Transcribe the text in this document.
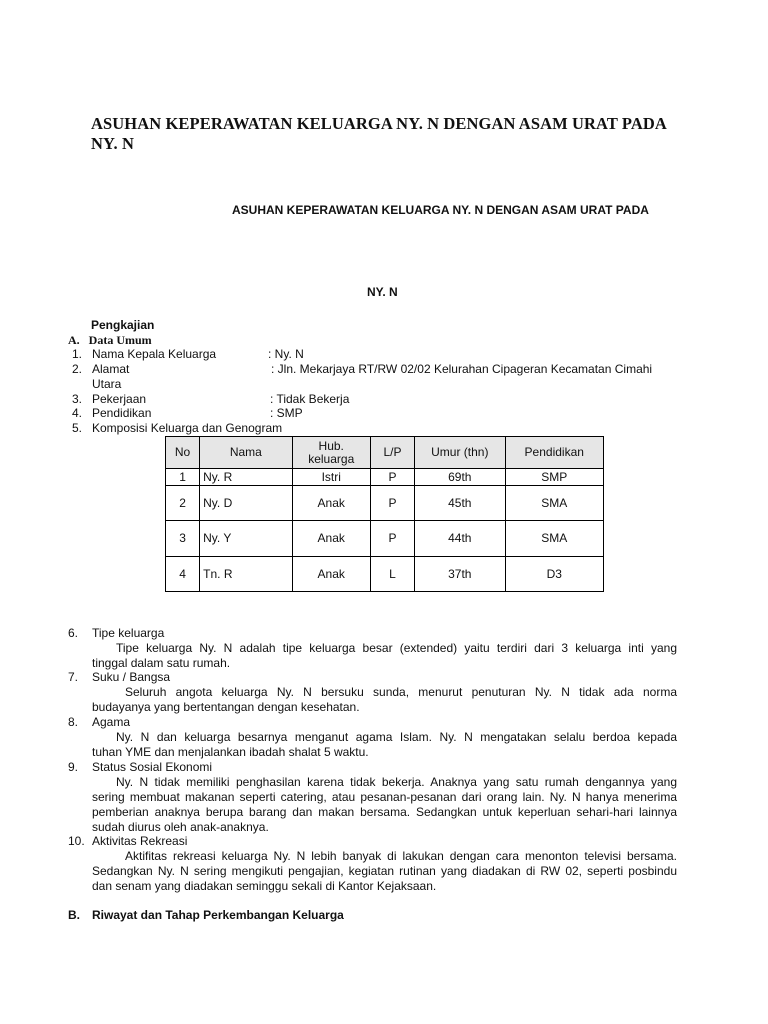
ASUHAN KEPERAWATAN KELUARGA NY. N DENGAN ASAM URAT PADA NY. N
ASUHAN KEPERAWATAN KELUARGA NY. N DENGAN ASAM URAT PADA
NY. N
Pengkajian
A. Data Umum
1. Nama Kepala Keluarga	: Ny. N
2. Alamat	: Jln. Mekarjaya RT/RW 02/02 Kelurahan Cipageran Kecamatan Cimahi
Utara
3. Pekerjaan	: Tidak Bekerja
4. Pendidikan	: SMP
5. Komposisi Keluarga dan Genogram
No	Nama	Hub. keluarga	L/P	Umur (thn)	Pendidikan
1	Ny. R	Istri	P	69th	SMP
2	Ny. D	Anak	P	45th	SMA
3	Ny. Y	Anak	P	44th	SMA
4	Tn. R	Anak	L	37th	D3
6. Tipe keluarga
Tipe keluarga Ny. N adalah tipe keluarga besar (extended) yaitu terdiri dari 3 keluarga inti yang
tinggal dalam satu rumah.
7. Suku / Bangsa
Seluruh angota keluarga Ny. N bersuku sunda, menurut penuturan Ny. N tidak ada norma
budayanya yang bertentangan dengan kesehatan.
8. Agama
Ny. N dan keluarga besarnya menganut agama Islam. Ny. N mengatakan selalu berdoa kepada
tuhan YME dan menjalankan ibadah shalat 5 waktu.
9. Status Sosial Ekonomi
Ny. N tidak memiliki penghasilan karena tidak bekerja. Anaknya yang satu rumah dengannya yang
sering membuat makanan seperti catering, atau pesanan-pesanan dari orang lain. Ny. N hanya menerima
pemberian anaknya berupa barang dan makan bersama. Sedangkan untuk keperluan sehari-hari lainnya
sudah diurus oleh anak-anaknya.
10. Aktivitas Rekreasi
Aktifitas rekreasi keluarga Ny. N lebih banyak di lakukan dengan cara menonton televisi bersama.
Sedangkan Ny. N sering mengikuti pengajian, kegiatan rutinan yang diadakan di RW 02, seperti posbindu
dan senam yang diadakan seminggu sekali di Kantor Kejaksaan.
B. Riwayat dan Tahap Perkembangan Keluarga
